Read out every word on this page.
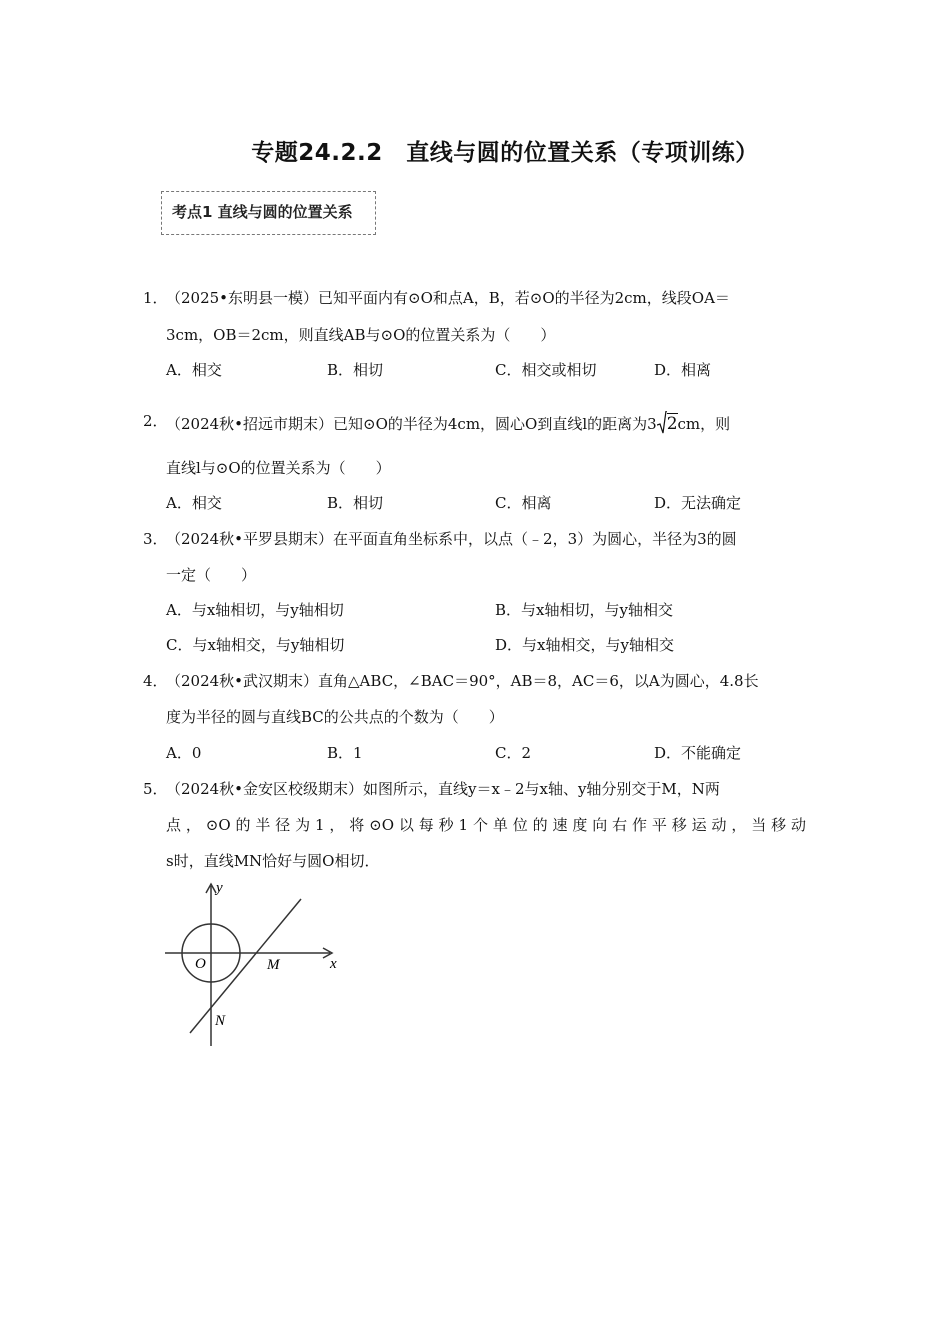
专题24.2.2　直线与圆的位置关系（专项训练）
考点1 直线与圆的位置关系
1．
（2025•东明县一模）已知平面内有⊙O和点A，B，若⊙O的半径为2cm，线段OA＝
3cm，OB＝2cm，则直线AB与⊙O的位置关系为（　　）
A．相交	B．相切	C．相交或相切	D．相离
2．
（2024秋•招远市期末）已知⊙O的半径为4cm，圆心O到直线l的距离为3 2cm，则
直线l与⊙O的位置关系为（　　）
A．相交	B．相切	C．相离	D．无法确定
3．
（2024秋•平罗县期末）在平面直角坐标系中，以点（﹣2，3）为圆心，半径为3的圆
一定（　　）
A．与x轴相切，与y轴相切	B．与x轴相切，与y轴相交
C．与x轴相交，与y轴相切	D．与x轴相交，与y轴相交
4．
（2024秋•武汉期末）直角△ABC，∠BAC＝90°，AB＝8，AC＝6，以A为圆心，4.8长
度为半径的圆与直线BC的公共点的个数为（　　）
A．0	B．1	C．2	D．不能确定
5．
（2024秋•金安区校级期末）如图所示，直线y＝x﹣2与x轴、y轴分别交于M，N两
点，⊙O的半径为1，将⊙O以每秒1个单位的速度向右作平移运动，当移动
s时，直线MN恰好与圆O相切．
y
x
O	M
N
